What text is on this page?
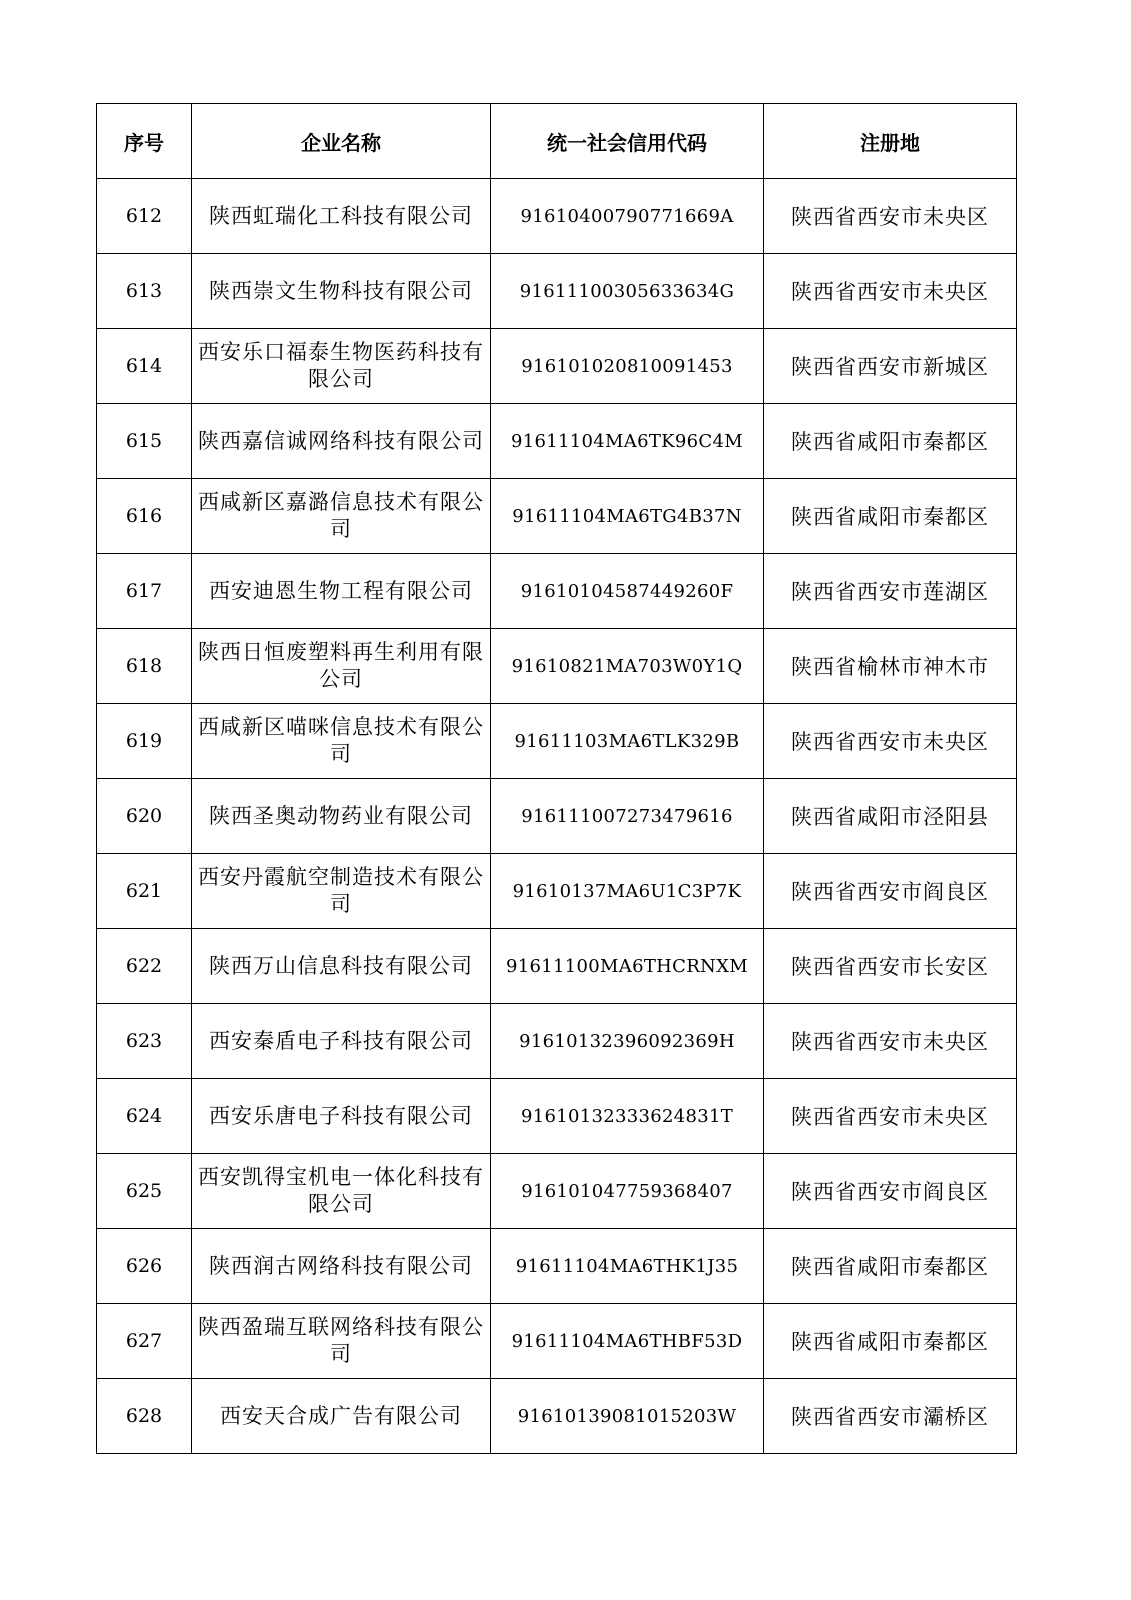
序号	企业名称	统一社会信用代码	注册地
612	陕西虹瑞化工科技有限公司	91610400790771669A	陕西省西安市未央区
613	陕西崇文生物科技有限公司	91611100305633634G	陕西省西安市未央区
614	西安乐口福泰生物医药科技有限公司	916101020810091453	陕西省西安市新城区
615	陕西嘉信诚网络科技有限公司	91611104MA6TK96C4M	陕西省咸阳市秦都区
616	西咸新区嘉潞信息技术有限公司	91611104MA6TG4B37N	陕西省咸阳市秦都区
617	西安迪恩生物工程有限公司	91610104587449260F	陕西省西安市莲湖区
618	陕西日恒废塑料再生利用有限公司	91610821MA703W0Y1Q	陕西省榆林市神木市
619	西咸新区喵咪信息技术有限公司	91611103MA6TLK329B	陕西省西安市未央区
620	陕西圣奥动物药业有限公司	916111007273479616	陕西省咸阳市泾阳县
621	西安丹霞航空制造技术有限公司	91610137MA6U1C3P7K	陕西省西安市阎良区
622	陕西万山信息科技有限公司	91611100MA6THCRNXM	陕西省西安市长安区
623	西安秦盾电子科技有限公司	91610132396092369H	陕西省西安市未央区
624	西安乐唐电子科技有限公司	91610132333624831T	陕西省西安市未央区
625	西安凯得宝机电一体化科技有限公司	916101047759368407	陕西省西安市阎良区
626	陕西润古网络科技有限公司	91611104MA6THK1J35	陕西省咸阳市秦都区
627	陕西盈瑞互联网络科技有限公司	91611104MA6THBF53D	陕西省咸阳市秦都区
628	西安天合成广告有限公司	91610139081015203W	陕西省西安市灞桥区
